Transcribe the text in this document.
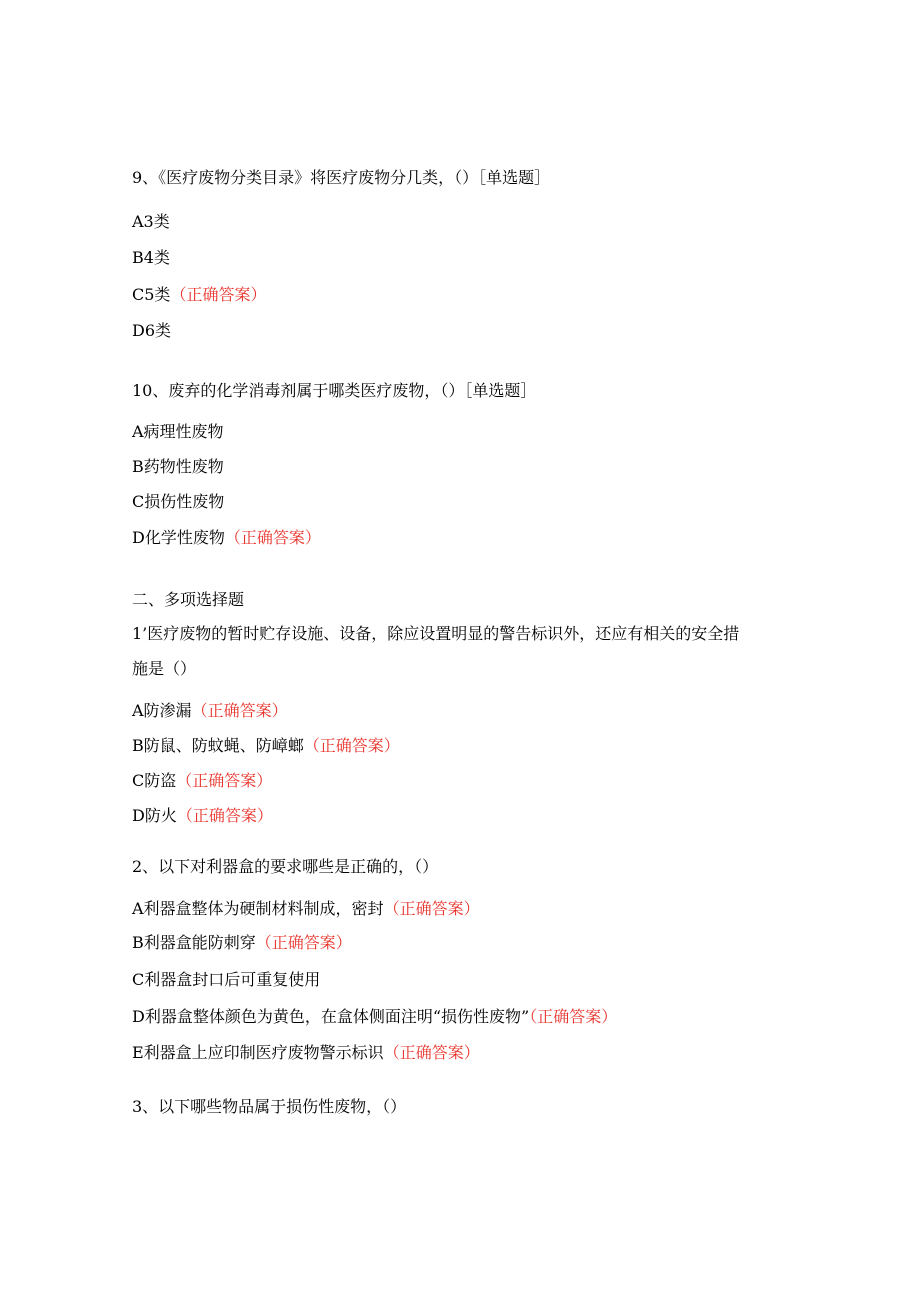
9、《医疗废物分类目录》将医疗废物分几类，（）［单选题］
A3类
B4类
C5类（正确答案）
D6类
10、废弃的化学消毒剂属于哪类医疗废物，（）［单选题］
A病理性废物
B药物性废物
C损伤性废物
D化学性废物（正确答案）
二、多项选择题
1’医疗废物的暂时贮存设施、设备，除应设置明显的警告标识外，还应有相关的安全措
施是（）
A防渗漏（正确答案）
B防鼠、防蚊蝇、防嶂螂（正确答案）
C防盗（正确答案）
D防火（正确答案）
2、以下对利器盒的要求哪些是正确的，（）
A利器盒整体为硬制材料制成，密封（正确答案）
B利器盒能防刺穿（正确答案）
C利器盒封口后可重复使用
D利器盒整体颜色为黄色，在盒体侧面注明“损伤性废物”（正确答案）
E利器盒上应印制医疗废物警示标识（正确答案）
3、以下哪些物品属于损伤性废物，（）
